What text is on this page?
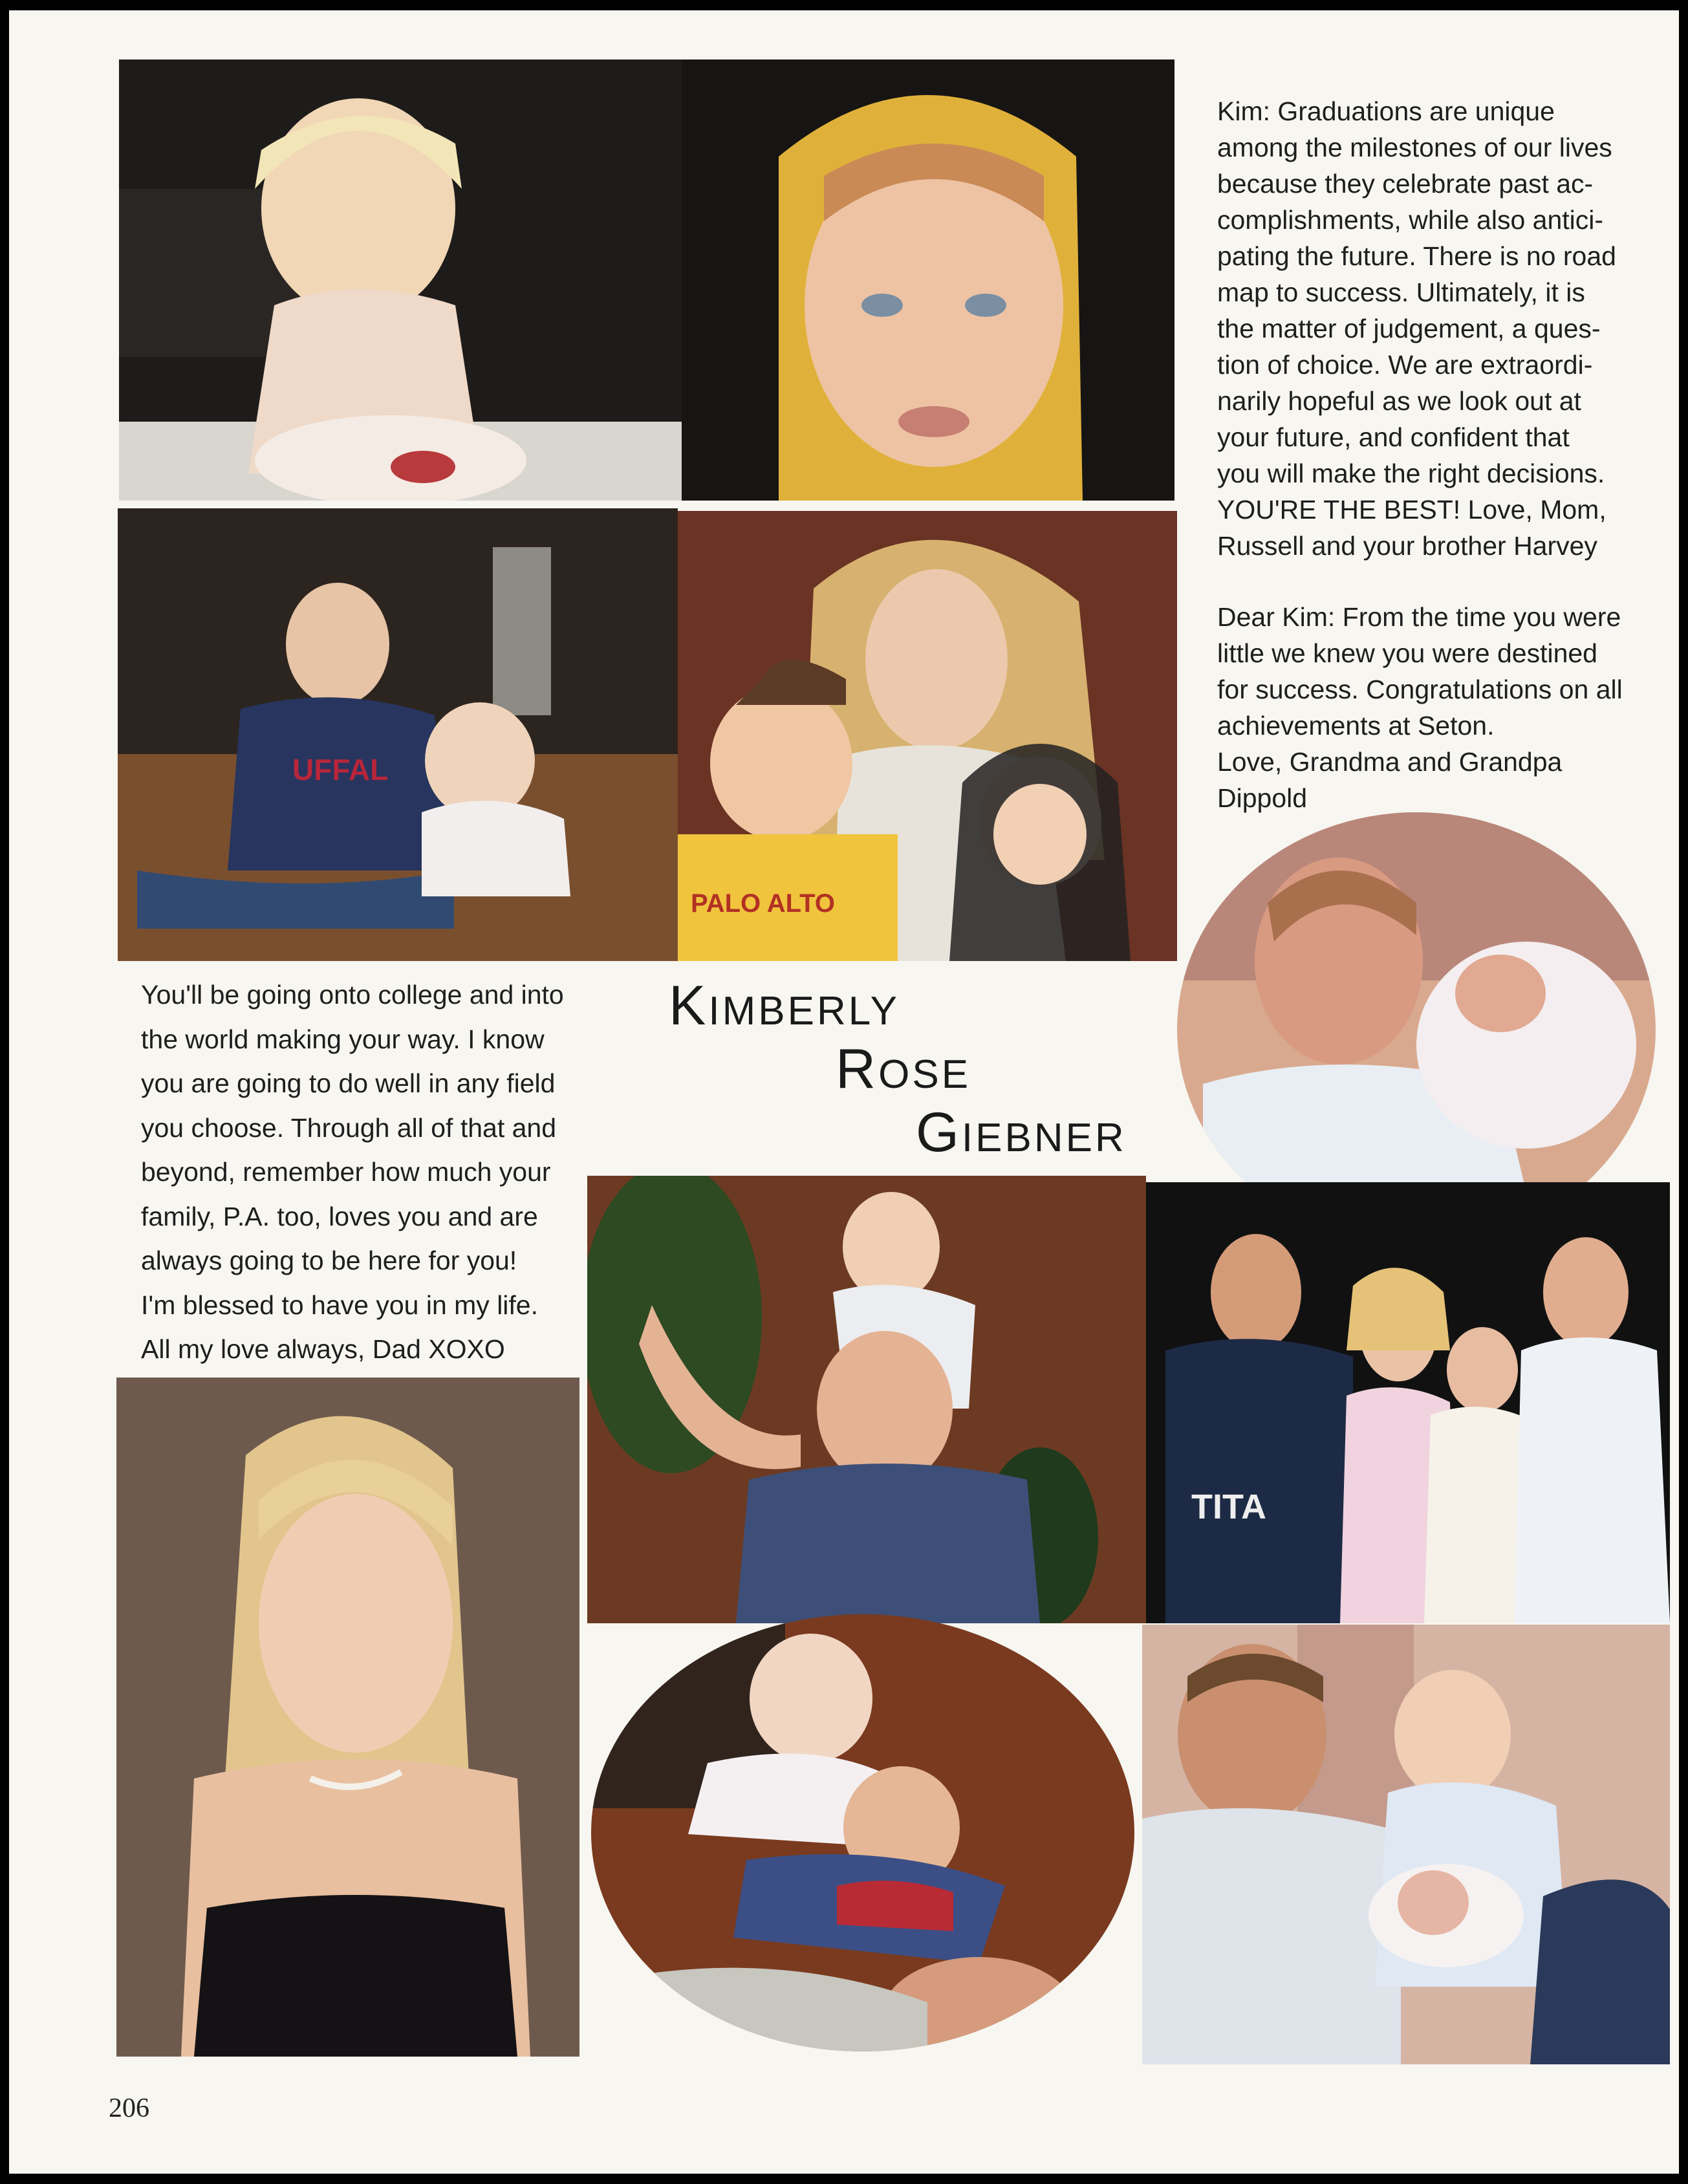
UFFAL
PALO ALTO
TITA

Kim: Graduations are unique
among the milestones of our lives
because they celebrate past ac-
complishments, while also antici-
pating the future. There is no road
map to success. Ultimately, it is
the matter of judgement, a ques-
tion of choice. We are extraordi-
narily hopeful as we look out at
your future, and confident that
you will make the right decisions.
YOU'RE THE BEST! Love, Mom,
Russell and your brother Harvey

Dear Kim: From the time you were
little we knew you were destined
for success. Congratulations on all
achievements at Seton.
Love, Grandma and Grandpa
Dippold

You'll be going onto college and into
the world making your way. I know
you are going to do well in any field
you choose. Through all of that and
beyond, remember how much your
family, P.A. too, loves you and are
always going to be here for you!
I'm blessed to have you in my life.
All my love always, Dad XOXO

KIMBERLY
ROSE
GIEBNER
206
